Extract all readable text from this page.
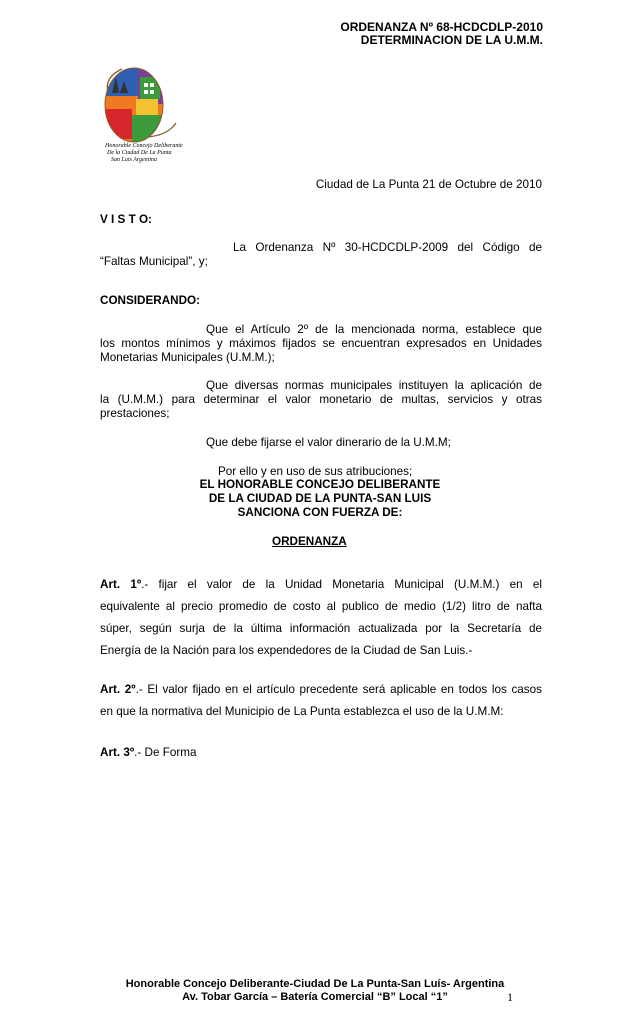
ORDENANZA Nº 68-HCDCDLP-2010
DETERMINACION DE LA U.M.M.
Honorable Concejo Deliberante
De la Ciudad De La Punta
San Luis Argentina
Ciudad de La Punta 21 de Octubre de 2010
V I S T O:
La Ordenanza Nº 30-HCDCDLP-2009 del Código de
“Faltas Municipal”, y;
CONSIDERANDO:
Que el Artículo 2º de la mencionada norma, establece que
los montos mínimos y máximos fijados se encuentran expresados en Unidades
Monetarias Municipales (U.M.M.);
Que diversas normas municipales instituyen la aplicación de
la (U.M.M.) para determinar el valor monetario de multas, servicios y otras
prestaciones;
Que debe fijarse el valor dinerario de la U.M.M;
Por ello y en uso de sus atribuciones;
EL HONORABLE CONCEJO DELIBERANTE
DE LA CIUDAD DE LA PUNTA-SAN LUIS
SANCIONA CON FUERZA DE:
ORDENANZA
Art. 1º.- fijar el valor de la Unidad Monetaria Municipal (U.M.M.) en el
equivalente al precio promedio de costo al publico de medio (1/2) litro de nafta
súper, según surja de la última información actualizada por la Secretaría de
Energía de la Nación para los expendedores de la Ciudad de San Luis.-
Art. 2º.- El valor fijado en el artículo precedente será aplicable en todos los casos
en que la normativa del Municipio de La Punta establezca el uso de la U.M.M:
Art. 3º.- De Forma
Honorable Concejo Deliberante-Ciudad De La Punta-San Luís- Argentina
Av. Tobar García – Batería Comercial “B” Local “1”	1
